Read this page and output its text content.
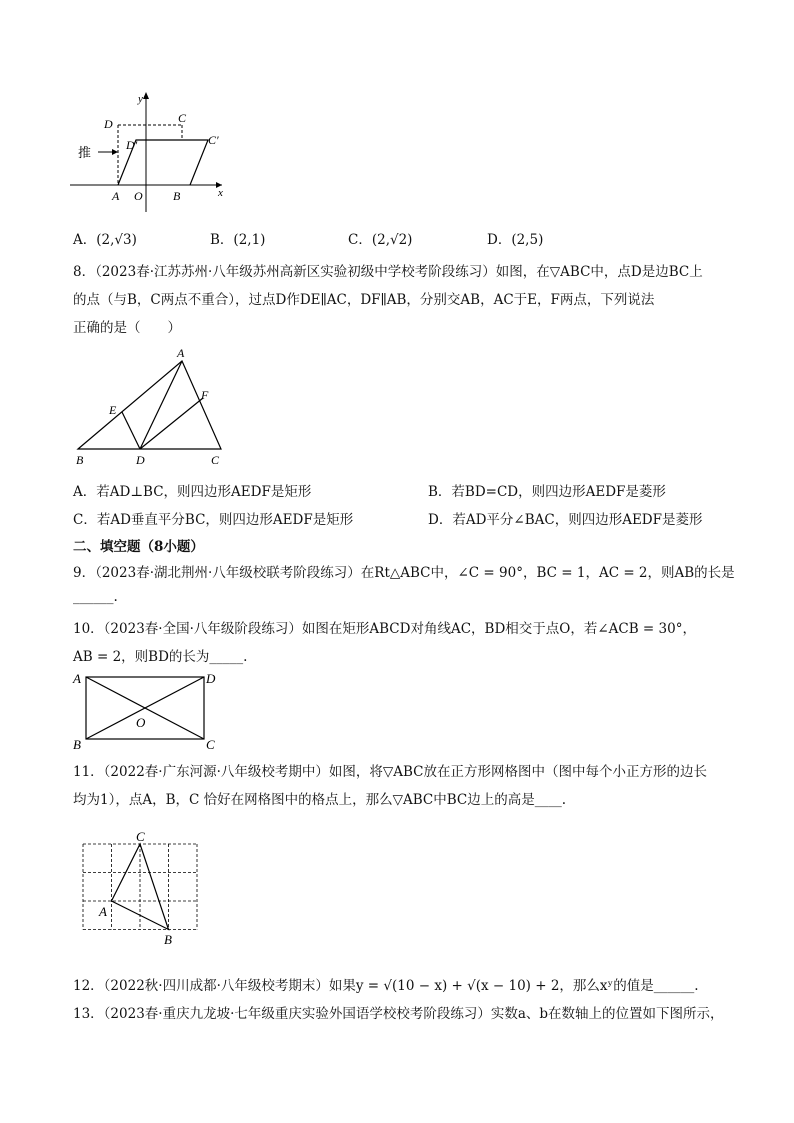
y
x
D	C
D′	C′
推
A O	B
A．(2,√3)	B．(2,1)	C．(2,√2)	D．(2,5)
8．（2023春·江苏苏州·八年级苏州高新区实验初级中学校考阶段练习）如图，在▽ABC中，点D是边BC上
的点（与B，C两点不重合），过点D作DE∥AC，DF∥AB，分别交AB，AC于E，F两点，下列说法
正确的是（　　）
A
E
F
B	D	C
A．若AD⊥BC，则四边形AEDF是矩形	B．若BD=CD，则四边形AEDF是菱形
C．若AD垂直平分BC，则四边形AEDF是矩形	D．若AD平分∠BAC，则四边形AEDF是菱形
二、填空题（8小题）
9．（2023春·湖北荆州·八年级校联考阶段练习）在Rt△ABC中，∠C = 90°，BC = 1，AC = 2，则AB的长是
______.
10．（2023春·全国·八年级阶段练习）如图在矩形ABCD对角线AC，BD相交于点O，若∠ACB = 30°，
AB = 2，则BD的长为_____.
A	D
O
B	C
11．（2022春·广东河源·八年级校考期中）如图，将▽ABC放在正方形网格图中（图中每个小正方形的边长
均为1），点A，B，C 恰好在网格图中的格点上，那么▽ABC中BC边上的高是____.
C
A
B
12．（2022秋·四川成都·八年级校考期末）如果y = √(10 − x) + √(x − 10) + 2，那么xʸ的值是______.
13．（2023春·重庆九龙坡·七年级重庆实验外国语学校校考阶段练习）实数a、b在数轴上的位置如下图所示，
